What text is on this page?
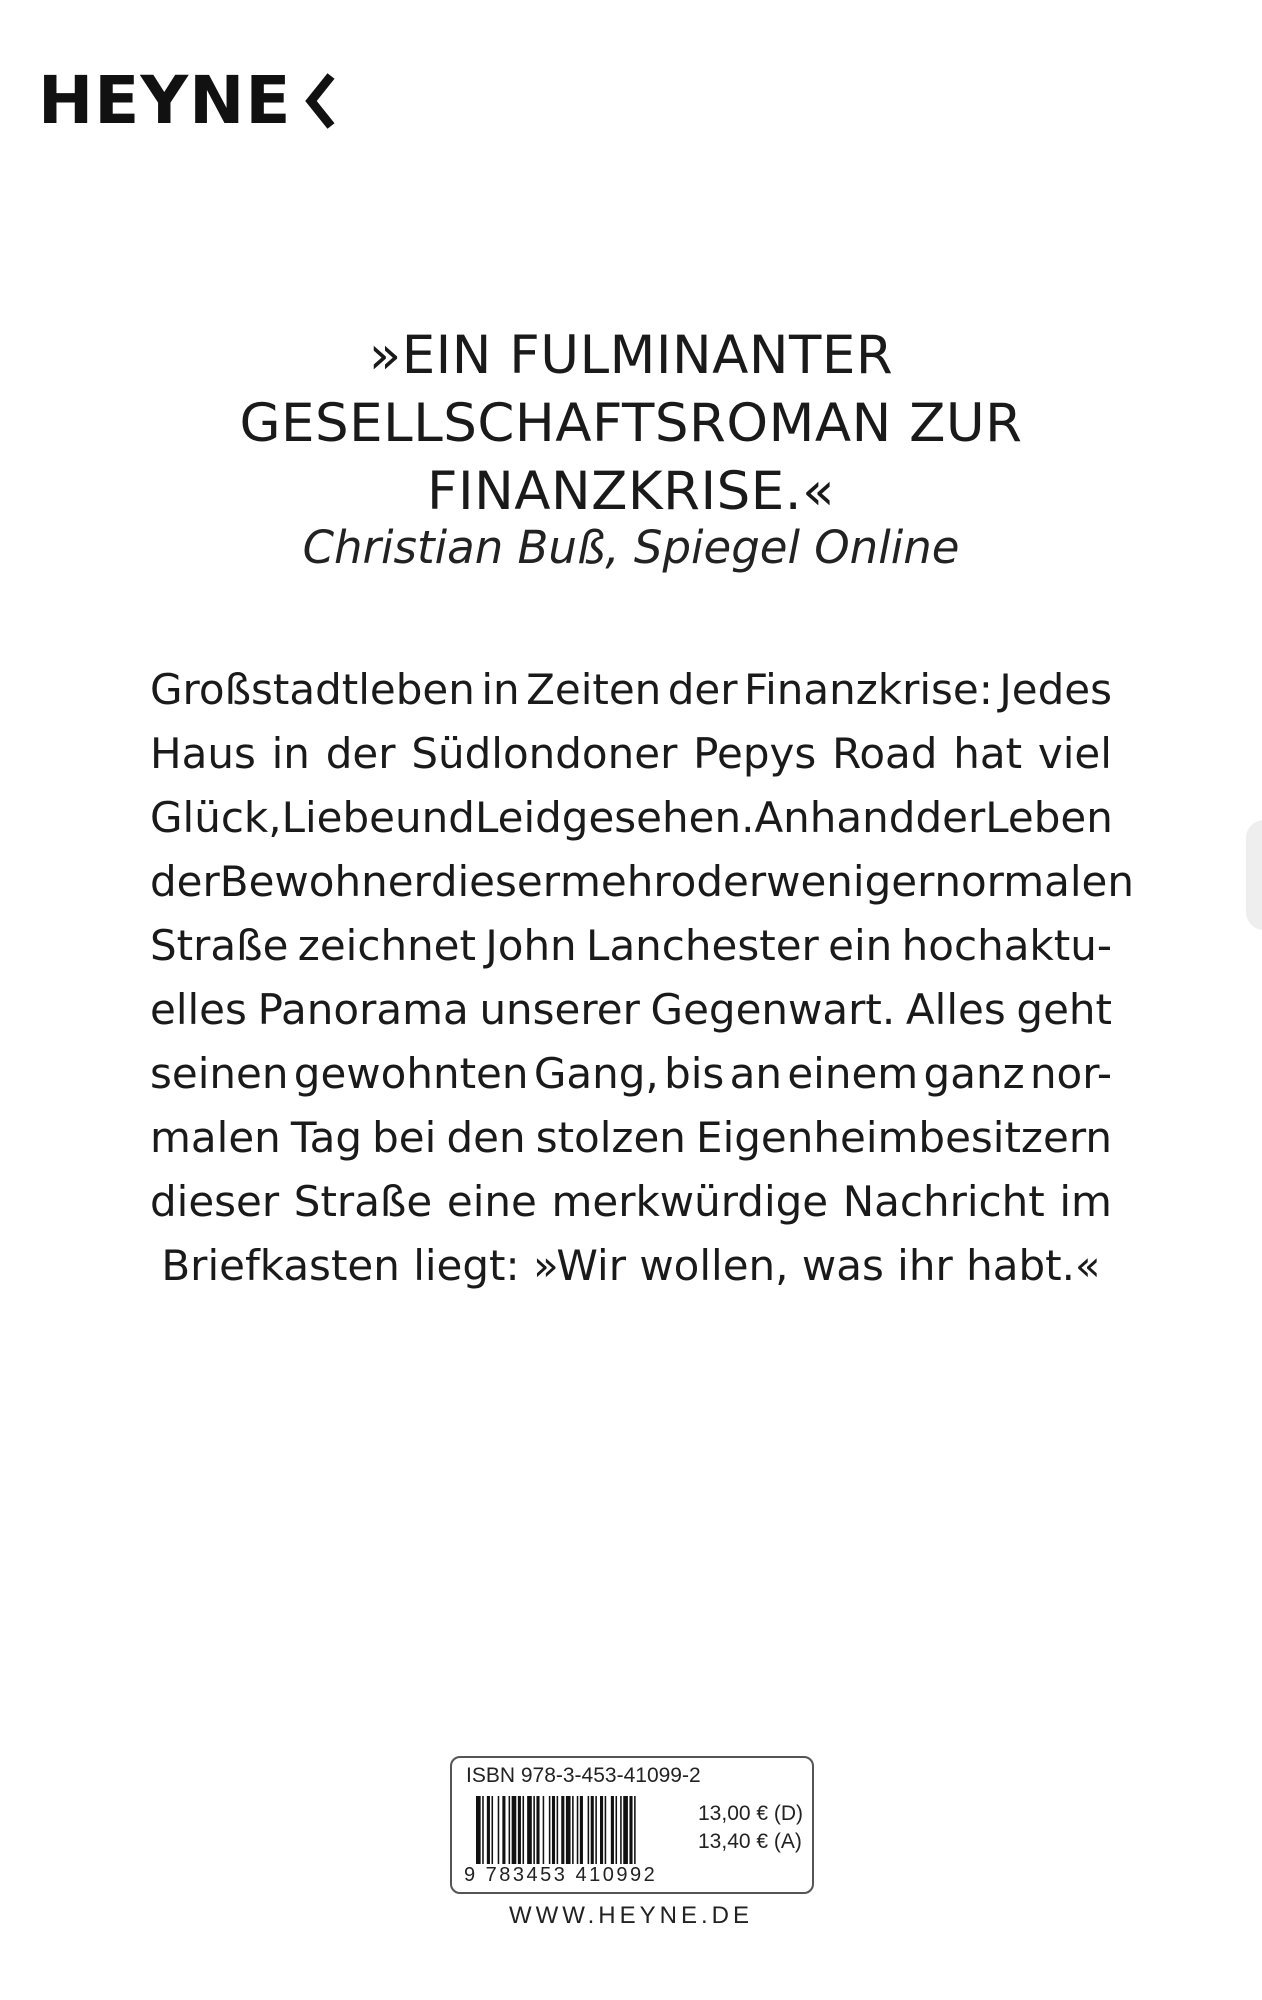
HEYNE
»EIN FULMINANTER
GESELLSCHAFTSROMAN ZUR
FINANZKRISE.«
Christian Buß, Spiegel Online
Großstadtleben in Zeiten der Finanzkrise: Jedes
Haus in der Südlondoner Pepys Road hat viel
Glück, Liebe und Leid gesehen. Anhand der Leben
der Bewohner dieser mehr oder weniger normalen
Straße zeichnet John Lanchester ein hochaktu-
elles Panorama unserer Gegenwart. Alles geht
seinen gewohnten Gang, bis an einem ganz nor-
malen Tag bei den stolzen Eigenheimbesitzern
dieser Straße eine merkwürdige Nachricht im
Briefkasten liegt: »Wir wollen, was ihr habt.«
ISBN 978-3-453-41099-2
9 783453 410992
13,00 € (D)
13,40 € (A)
WWW.HEYNE.DE
